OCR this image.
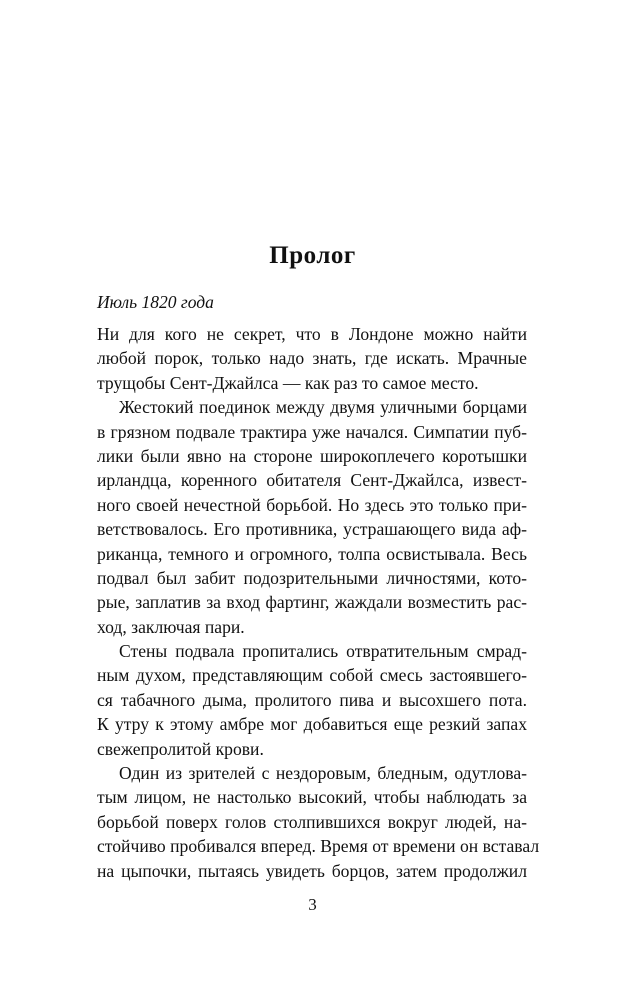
Пролог
Июль 1820 года
Ни для кого не секрет, что в Лондоне можно найти
любой порок, только надо знать, где искать. Мрачные
трущобы Сент-Джайлса — как раз то самое место.
Жестокий поединок между двумя уличными борцами
в грязном подвале трактира уже начался. Симпатии пуб-
лики были явно на стороне широкоплечего коротышки
ирландца, коренного обитателя Сент-Джайлса, извест-
ного своей нечестной борьбой. Но здесь это только при-
ветствовалось. Его противника, устрашающего вида аф-
риканца, темного и огромного, толпа освистывала. Весь
подвал был забит подозрительными личностями, кото-
рые, заплатив за вход фартинг, жаждали возместить рас-
ход, заключая пари.
Стены подвала пропитались отвратительным смрад-
ным духом, представляющим собой смесь застоявшего-
ся табачного дыма, пролитого пива и высохшего пота.
К утру к этому амбре мог добавиться еще резкий запах
свежепролитой крови.
Один из зрителей с нездоровым, бледным, одутлова-
тым лицом, не настолько высокий, чтобы наблюдать за
борьбой поверх голов столпившихся вокруг людей, на-
стойчиво пробивался вперед. Время от времени он вставал
на цыпочки, пытаясь увидеть борцов, затем продолжил
3
